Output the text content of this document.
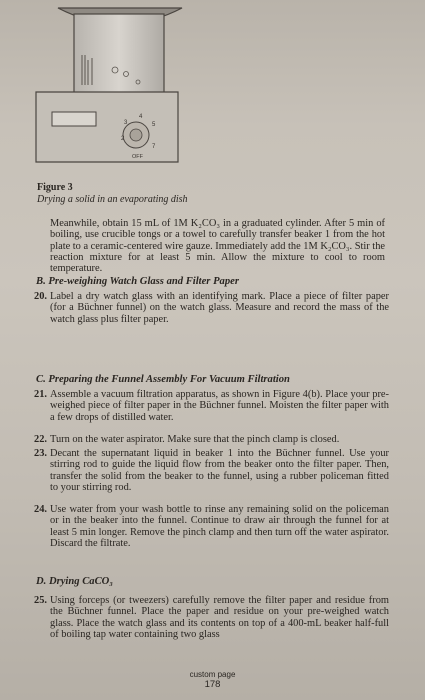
2
3
4
5
7
OFF
Figure 3
Drying a solid in an evaporating dish
Meanwhile, obtain 15 mL of 1M K₂CO₃ in a graduated cylinder. After 5 min of boiling, use crucible tongs or a towel to carefully transfer beaker 1 from the hot plate to a ceramic-centered wire gauze. Immediately add the 1M K₂CO₃. Stir the reaction mixture for at least 5 min. Allow the mixture to cool to room temperature.
B. Pre-weighing Watch Glass and Filter Paper
20. Label a dry watch glass with an identifying mark. Place a piece of filter paper (for a Büchner funnel) on the watch glass. Measure and record the mass of the watch glass plus filter paper.
C. Preparing the Funnel Assembly For Vacuum Filtration
21. Assemble a vacuum filtration apparatus, as shown in Figure 4(b). Place your pre-weighed piece of filter paper in the Büchner funnel. Moisten the filter paper with a few drops of distilled water.
22. Turn on the water aspirator. Make sure that the pinch clamp is closed.
23. Decant the supernatant liquid in beaker 1 into the Büchner funnel. Use your stirring rod to guide the liquid flow from the beaker onto the filter paper. Then, transfer the solid from the beaker to the funnel, using a rubber policeman fitted to your stirring rod.
24. Use water from your wash bottle to rinse any remaining solid on the policeman or in the beaker into the funnel. Continue to draw air through the funnel for at least 5 min longer. Remove the pinch clamp and then turn off the water aspirator. Discard the filtrate.
D. Drying CaCO₃
25. Using forceps (or tweezers) carefully remove the filter paper and residue from the Büchner funnel. Place the paper and residue on your pre-weighed watch glass. Place the watch glass and its contents on top of a 400-mL beaker half-full of boiling tap water containing two glass
custom page
178
